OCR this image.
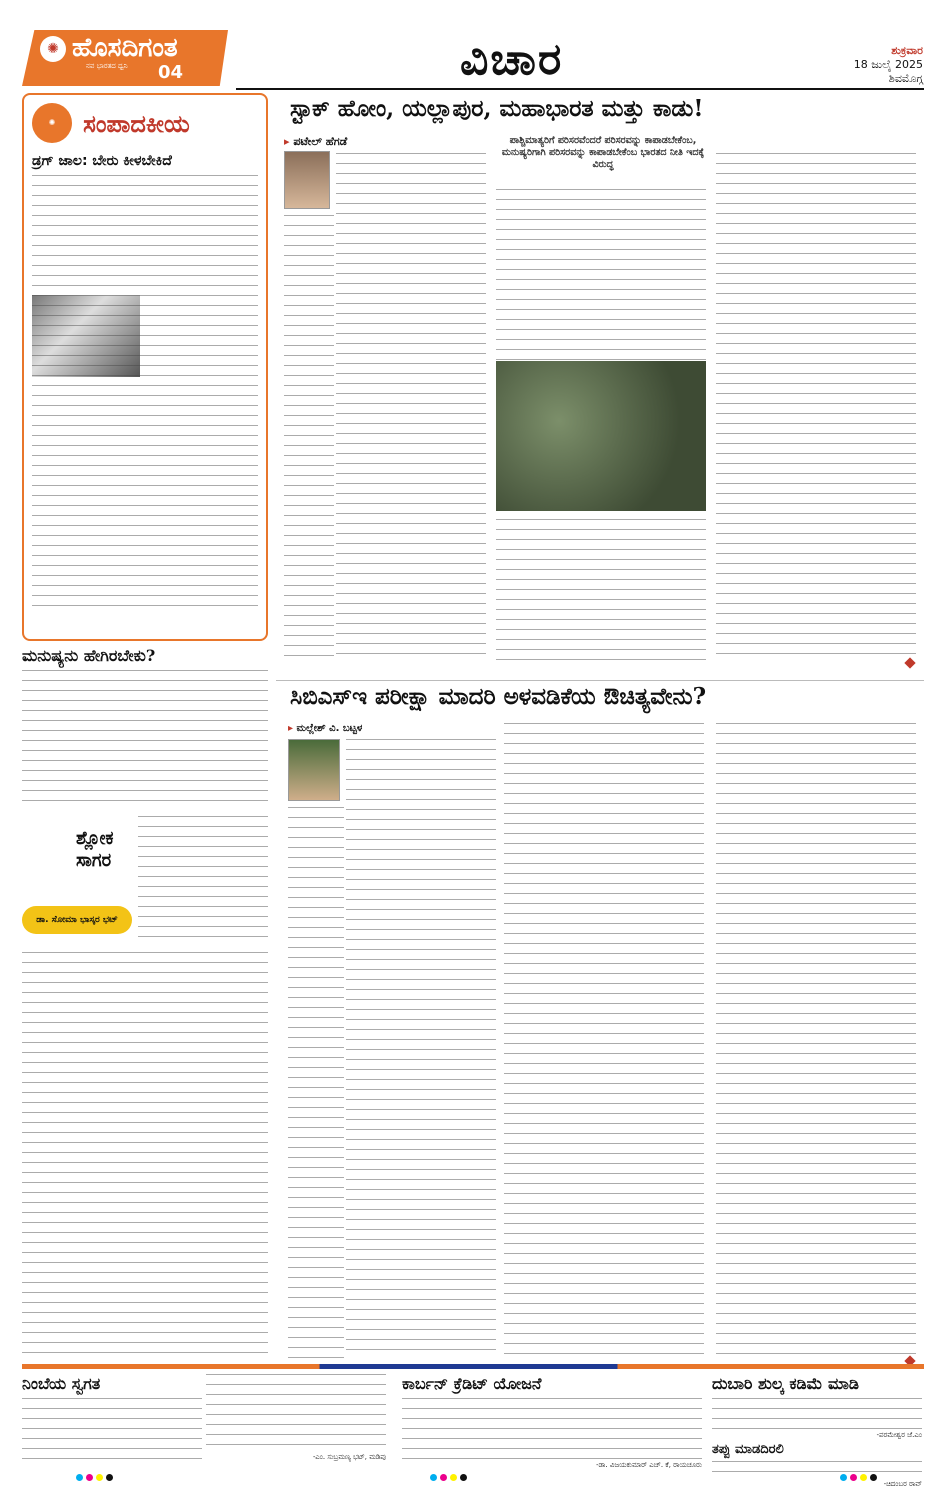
✺ ಹೊಸದಿಗಂತ
ನವ ಭಾರತದ ಧ್ವನಿ 04	ವಿಚಾರ	ಶುಕ್ರವಾರ
18 ಜುಲೈ 2025
ಶಿವಮೊಗ್ಗ
✺ ಸಂಪಾದಕೀಯ
ಡ್ರಗ್ ಜಾಲ: ಬೇರು ಕೀಳಬೇಕಿದೆ
ಸ್ಟಾಕ್ ಹೋಂ, ಯಲ್ಲಾಪುರ, ಮಹಾಭಾರತ ಮತ್ತು ಕಾಡು!
▸ ಪಟೇಲ್ ಹೆಗಡೆ	ಪಾಶ್ಚಿಮಾತ್ಯರಿಗೆ ಪರಿಸರವೆಂದರೆ ಪರಿಸರವನ್ನು ಕಾಪಾಡಬೇಕೆಂಬ, ಮನುಷ್ಯರಿಗಾಗಿ ಪರಿಸರವನ್ನು ಕಾಪಾಡಬೇಕೆಂಬ ಭಾರತದ ನೀತಿ ಇದಕ್ಕೆ ವಿರುದ್ಧ
ಮನುಷ್ಯನು ಹೇಗಿರಬೇಕು?
ಶ್ಲೋಕ ಸಾಗರ
ಡಾ. ಸೋಮಾ ಭಾಸ್ಕರ ಭಟ್
ಸಿಬಿಎಸ್‌ಇ ಪರೀಕ್ಷಾ ಮಾದರಿ ಅಳವಡಿಕೆಯ ಔಚಿತ್ಯವೇನು?
▸ ಮಲ್ಲೇಶ್ ವಿ. ಬಟ್ಟಳ
ನಿಂಬೆಯ ಸ್ವಗತ
-ಎಂ. ಸುಬ್ರಮಣ್ಯ ಭಟ್, ಮಡಿಪು
ಕಾರ್ಬನ್ ಕ್ರೆಡಿಟ್ ಯೋಜನೆ
-ಡಾ. ವಿಜಯಕುಮಾರ್ ಎಚ್. ಕೆ, ರಾಯಚೂರು
ದುಬಾರಿ ಶುಲ್ಕ ಕಡಿಮೆ ಮಾಡಿ
-ಪರಮೇಶ್ವರ ಜೆ.ಎಂ
ತಪ್ಪು ಮಾಡದಿರಲಿ
-ಚಿದಂಬರ ರಾವ್
